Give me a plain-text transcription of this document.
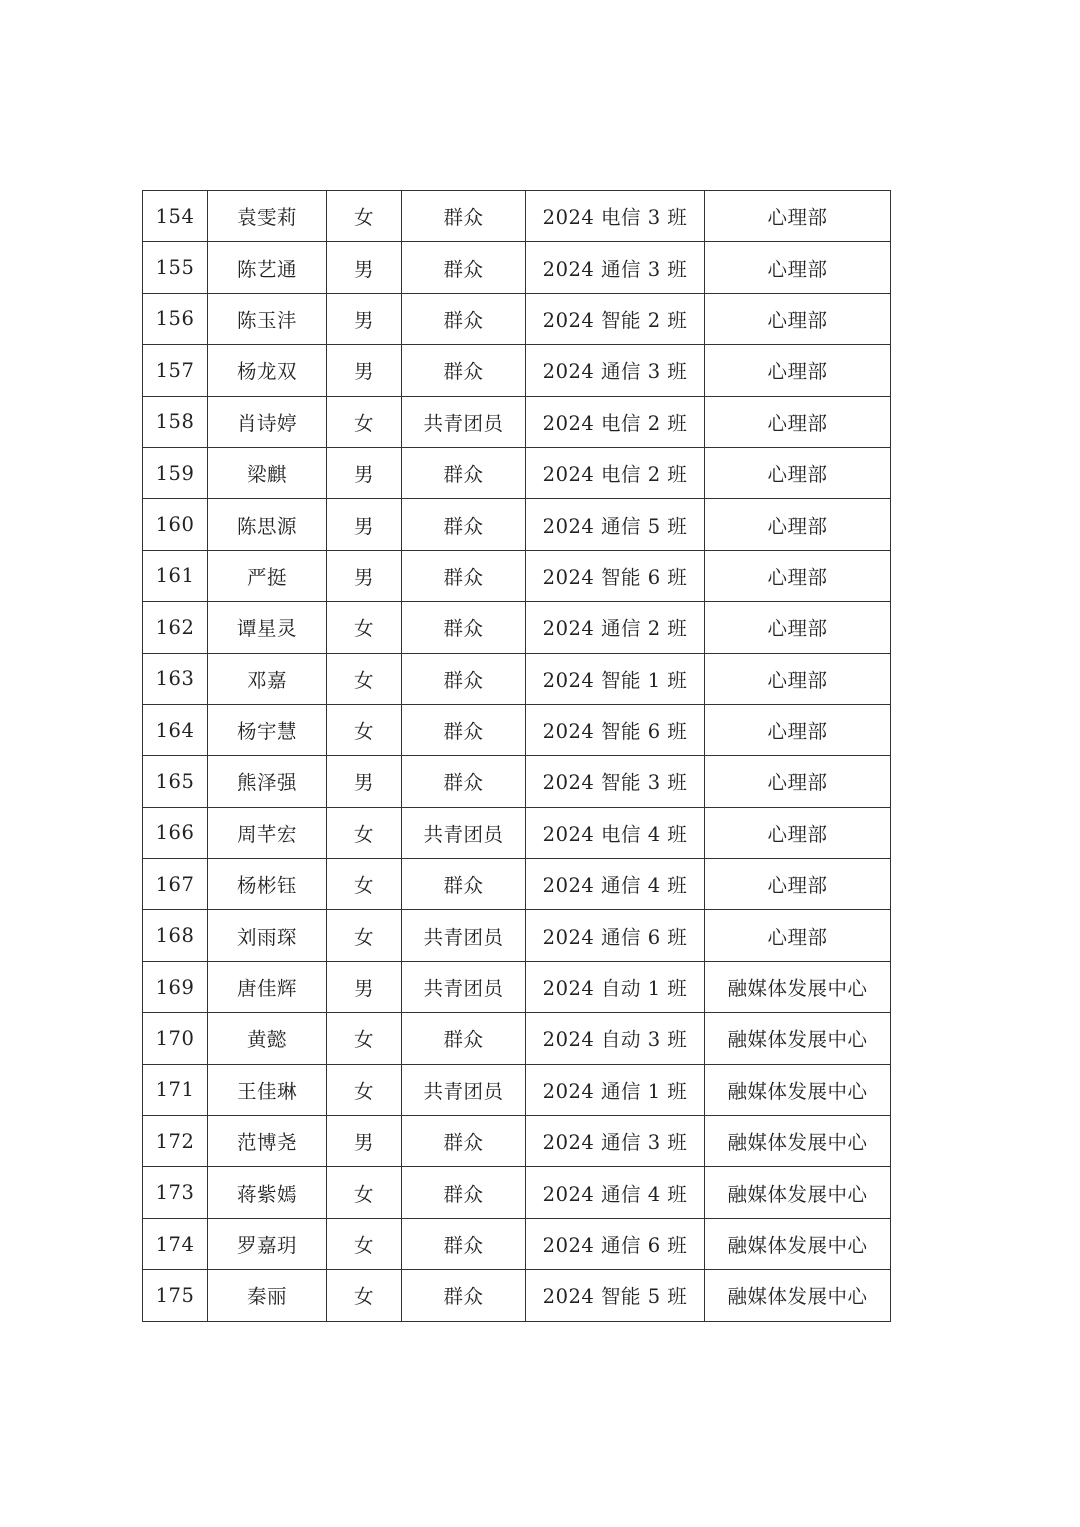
154	袁雯莉	女	群众	2024 电信 3 班	心理部
155	陈艺通	男	群众	2024 通信 3 班	心理部
156	陈玉沣	男	群众	2024 智能 2 班	心理部
157	杨龙双	男	群众	2024 通信 3 班	心理部
158	肖诗婷	女	共青团员	2024 电信 2 班	心理部
159	梁麒	男	群众	2024 电信 2 班	心理部
160	陈思源	男	群众	2024 通信 5 班	心理部
161	严挺	男	群众	2024 智能 6 班	心理部
162	谭星灵	女	群众	2024 通信 2 班	心理部
163	邓嘉	女	群众	2024 智能 1 班	心理部
164	杨宇慧	女	群众	2024 智能 6 班	心理部
165	熊泽强	男	群众	2024 智能 3 班	心理部
166	周芊宏	女	共青团员	2024 电信 4 班	心理部
167	杨彬钰	女	群众	2024 通信 4 班	心理部
168	刘雨琛	女	共青团员	2024 通信 6 班	心理部
169	唐佳辉	男	共青团员	2024 自动 1 班	融媒体发展中心
170	黄懿	女	群众	2024 自动 3 班	融媒体发展中心
171	王佳琳	女	共青团员	2024 通信 1 班	融媒体发展中心
172	范博尧	男	群众	2024 通信 3 班	融媒体发展中心
173	蒋紫嫣	女	群众	2024 通信 4 班	融媒体发展中心
174	罗嘉玥	女	群众	2024 通信 6 班	融媒体发展中心
175	秦丽	女	群众	2024 智能 5 班	融媒体发展中心
